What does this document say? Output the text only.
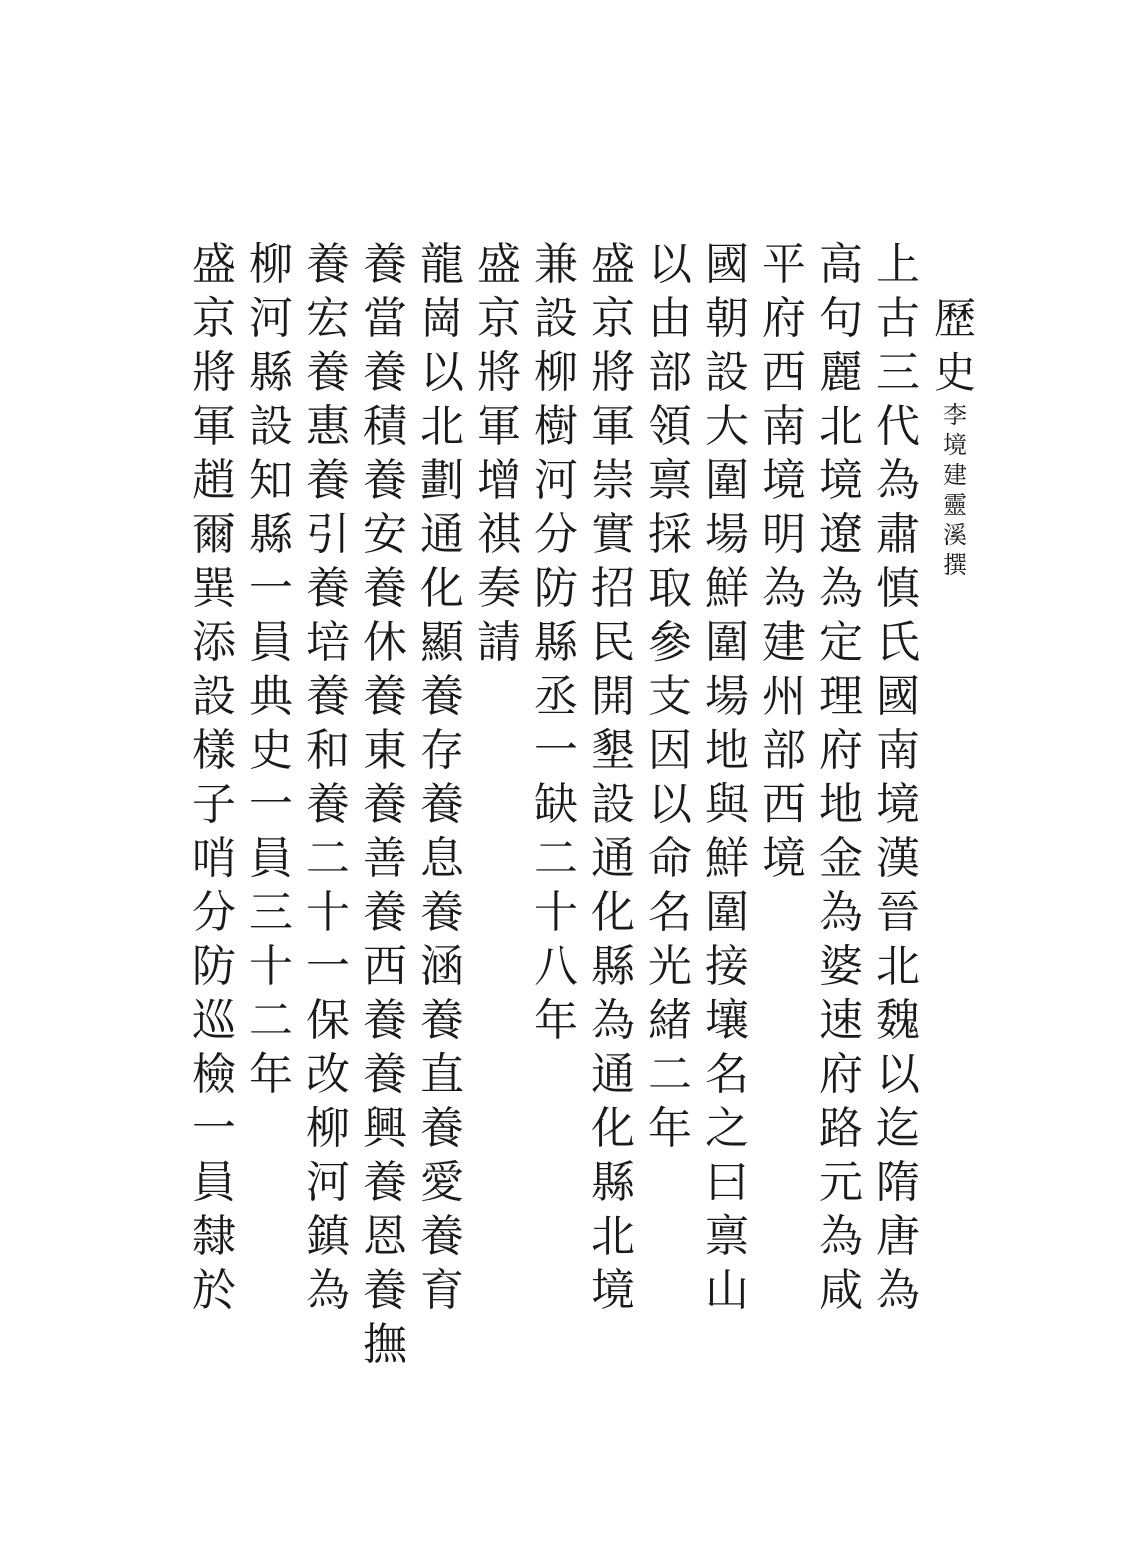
歷
史
李
境
建
靈
溪
撰
上
古
三
代
為
肅
慎
氏
國
南
境
漢
晉
北
魏
以
迄
隋
唐
為
高
句
麗
北
境
遼
為
定
理
府
地
金
為
婆
速
府
路
元
為
咸
平
府
西
南
境
明
為
建
州
部
西
境
國
朝
設
大
圍
場
鮮
圍
場
地
與
鮮
圍
接
壤
名
之
曰
禀
山
以
由
部
領
禀
採
取
參
支
因
以
命
名
光
緒
二
年
盛
京
將
軍
崇
實
招
民
開
墾
設
通
化
縣
為
通
化
縣
北
境
兼
設
柳
樹
河
分
防
縣
丞
一
缺
二
十
八
年
盛
京
將
軍
增
祺
奏
請
龍
崗
以
北
劃
通
化
顯
養
存
養
息
養
涵
養
直
養
愛
養
育
養
當
養
積
養
安
養
休
養
東
養
善
養
西
養
養
興
養
恩
養
撫
養
宏
養
惠
養
引
養
培
養
和
養
二
十
一
保
改
柳
河
鎮
為
柳
河
縣
設
知
縣
一
員
典
史
一
員
三
十
二
年
盛
京
將
軍
趙
爾
巽
添
設
樣
子
哨
分
防
巡
檢
一
員
隸
於
